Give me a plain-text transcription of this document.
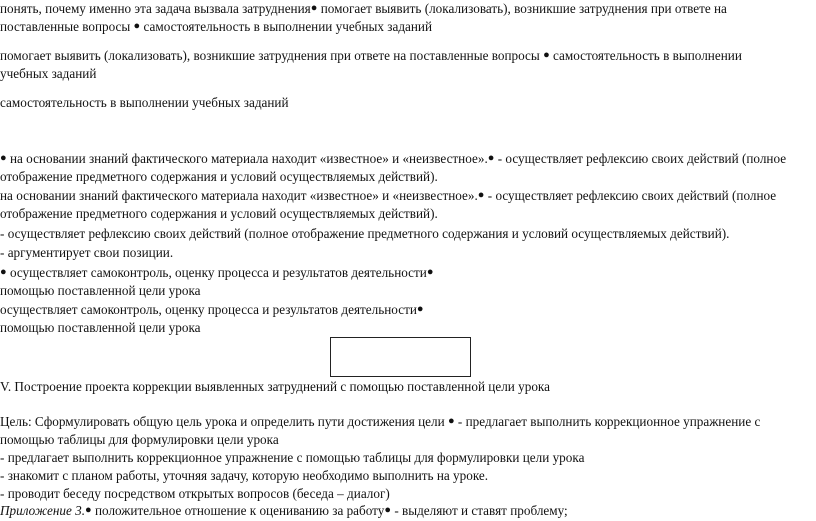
понять, почему именно эта задача вызвала затруднения● помогает выявить (локализовать), возникшие затруднения при ответе на
поставленные вопросы ● самостоятельность в выполнении учебных заданий
помогает выявить (локализовать), возникшие затруднения при ответе на поставленные вопросы ● самостоятельность в выполнении
учебных заданий
самостоятельность в выполнении учебных заданий
● на основании знаний фактического материала находит «известное» и «неизвестное».● - осуществляет рефлексию своих действий (полное
отображение предметного содержания и условий осуществляемых действий).
на основании знаний фактического материала находит «известное» и «неизвестное».● - осуществляет рефлексию своих действий (полное
отображение предметного содержания и условий осуществляемых действий).
- осуществляет рефлексию своих действий (полное отображение предметного содержания и условий осуществляемых действий).
- аргументирует свои позиции.
● осуществляет самоконтроль, оценку процесса и результатов деятельности●
помощью поставленной цели урока
осуществляет самоконтроль, оценку процесса и результатов деятельности●
помощью поставленной цели урока
V. Построение проекта коррекции выявленных затруднений с помощью поставленной цели урока
Цель: Сформулировать общую цель урока и определить пути достижения цели ● - предлагает выполнить коррекционное упражнение с
помощью таблицы для формулировки цели урока
- предлагает выполнить коррекционное упражнение с помощью таблицы для формулировки цели урока
- знакомит с планом работы, уточняя задачу, которую необходимо выполнить на уроке.
- проводит беседу посредством открытых вопросов (беседа – диалог)
Приложение 3.● положительное отношение к оцениванию за работу● - выделяют и ставят проблему;
